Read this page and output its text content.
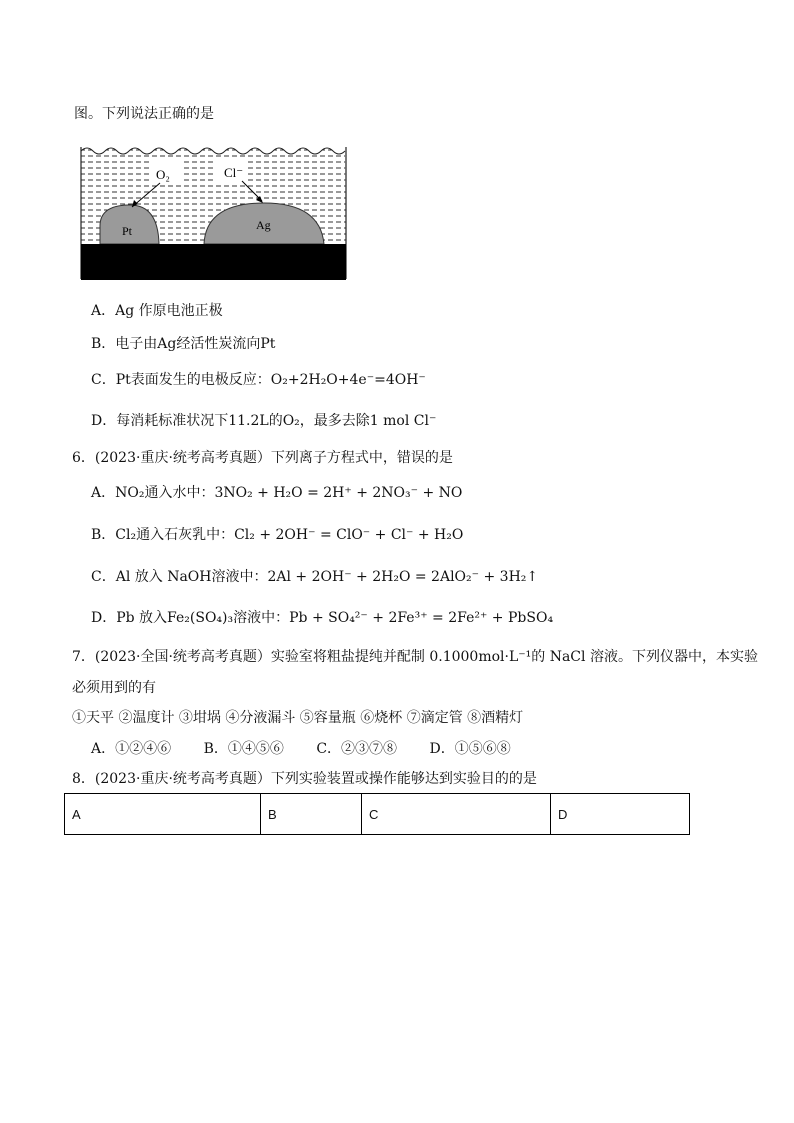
图。下列说法正确的是
O₂	Cl⁻
Pt	Ag
A．Ag 作原电池正极
B．电子由Ag经活性炭流向Pt
C．Pt表面发生的电极反应：O₂+2H₂O+4e⁻=4OH⁻
D．每消耗标准状况下11.2L的O₂，最多去除1 mol Cl⁻
6．(2023·重庆·统考高考真题）下列离子方程式中，错误的是
A．NO₂通入水中：3NO₂ + H₂O = 2H⁺ + 2NO₃⁻ + NO
B．Cl₂通入石灰乳中：Cl₂ + 2OH⁻ = ClO⁻ + Cl⁻ + H₂O
C．Al 放入 NaOH溶液中：2Al + 2OH⁻ + 2H₂O = 2AlO₂⁻ + 3H₂↑
D．Pb 放入Fe₂(SO₄)₃溶液中：Pb + SO₄²⁻ + 2Fe³⁺ = 2Fe²⁺ + PbSO₄
7．(2023·全国·统考高考真题）实验室将粗盐提纯并配制 0.1000mol·L⁻¹的 NaCl 溶液。下列仪器中，本实验
必须用到的有
①天平 ②温度计 ③坩埚 ④分液漏斗 ⑤容量瓶 ⑥烧杯 ⑦滴定管 ⑧酒精灯
A．①②④⑥ B．①④⑤⑥ C．②③⑦⑧ D．①⑤⑥⑧
8．(2023·重庆·统考高考真题）下列实验装置或操作能够达到实验目的的是
A	B	C	D
